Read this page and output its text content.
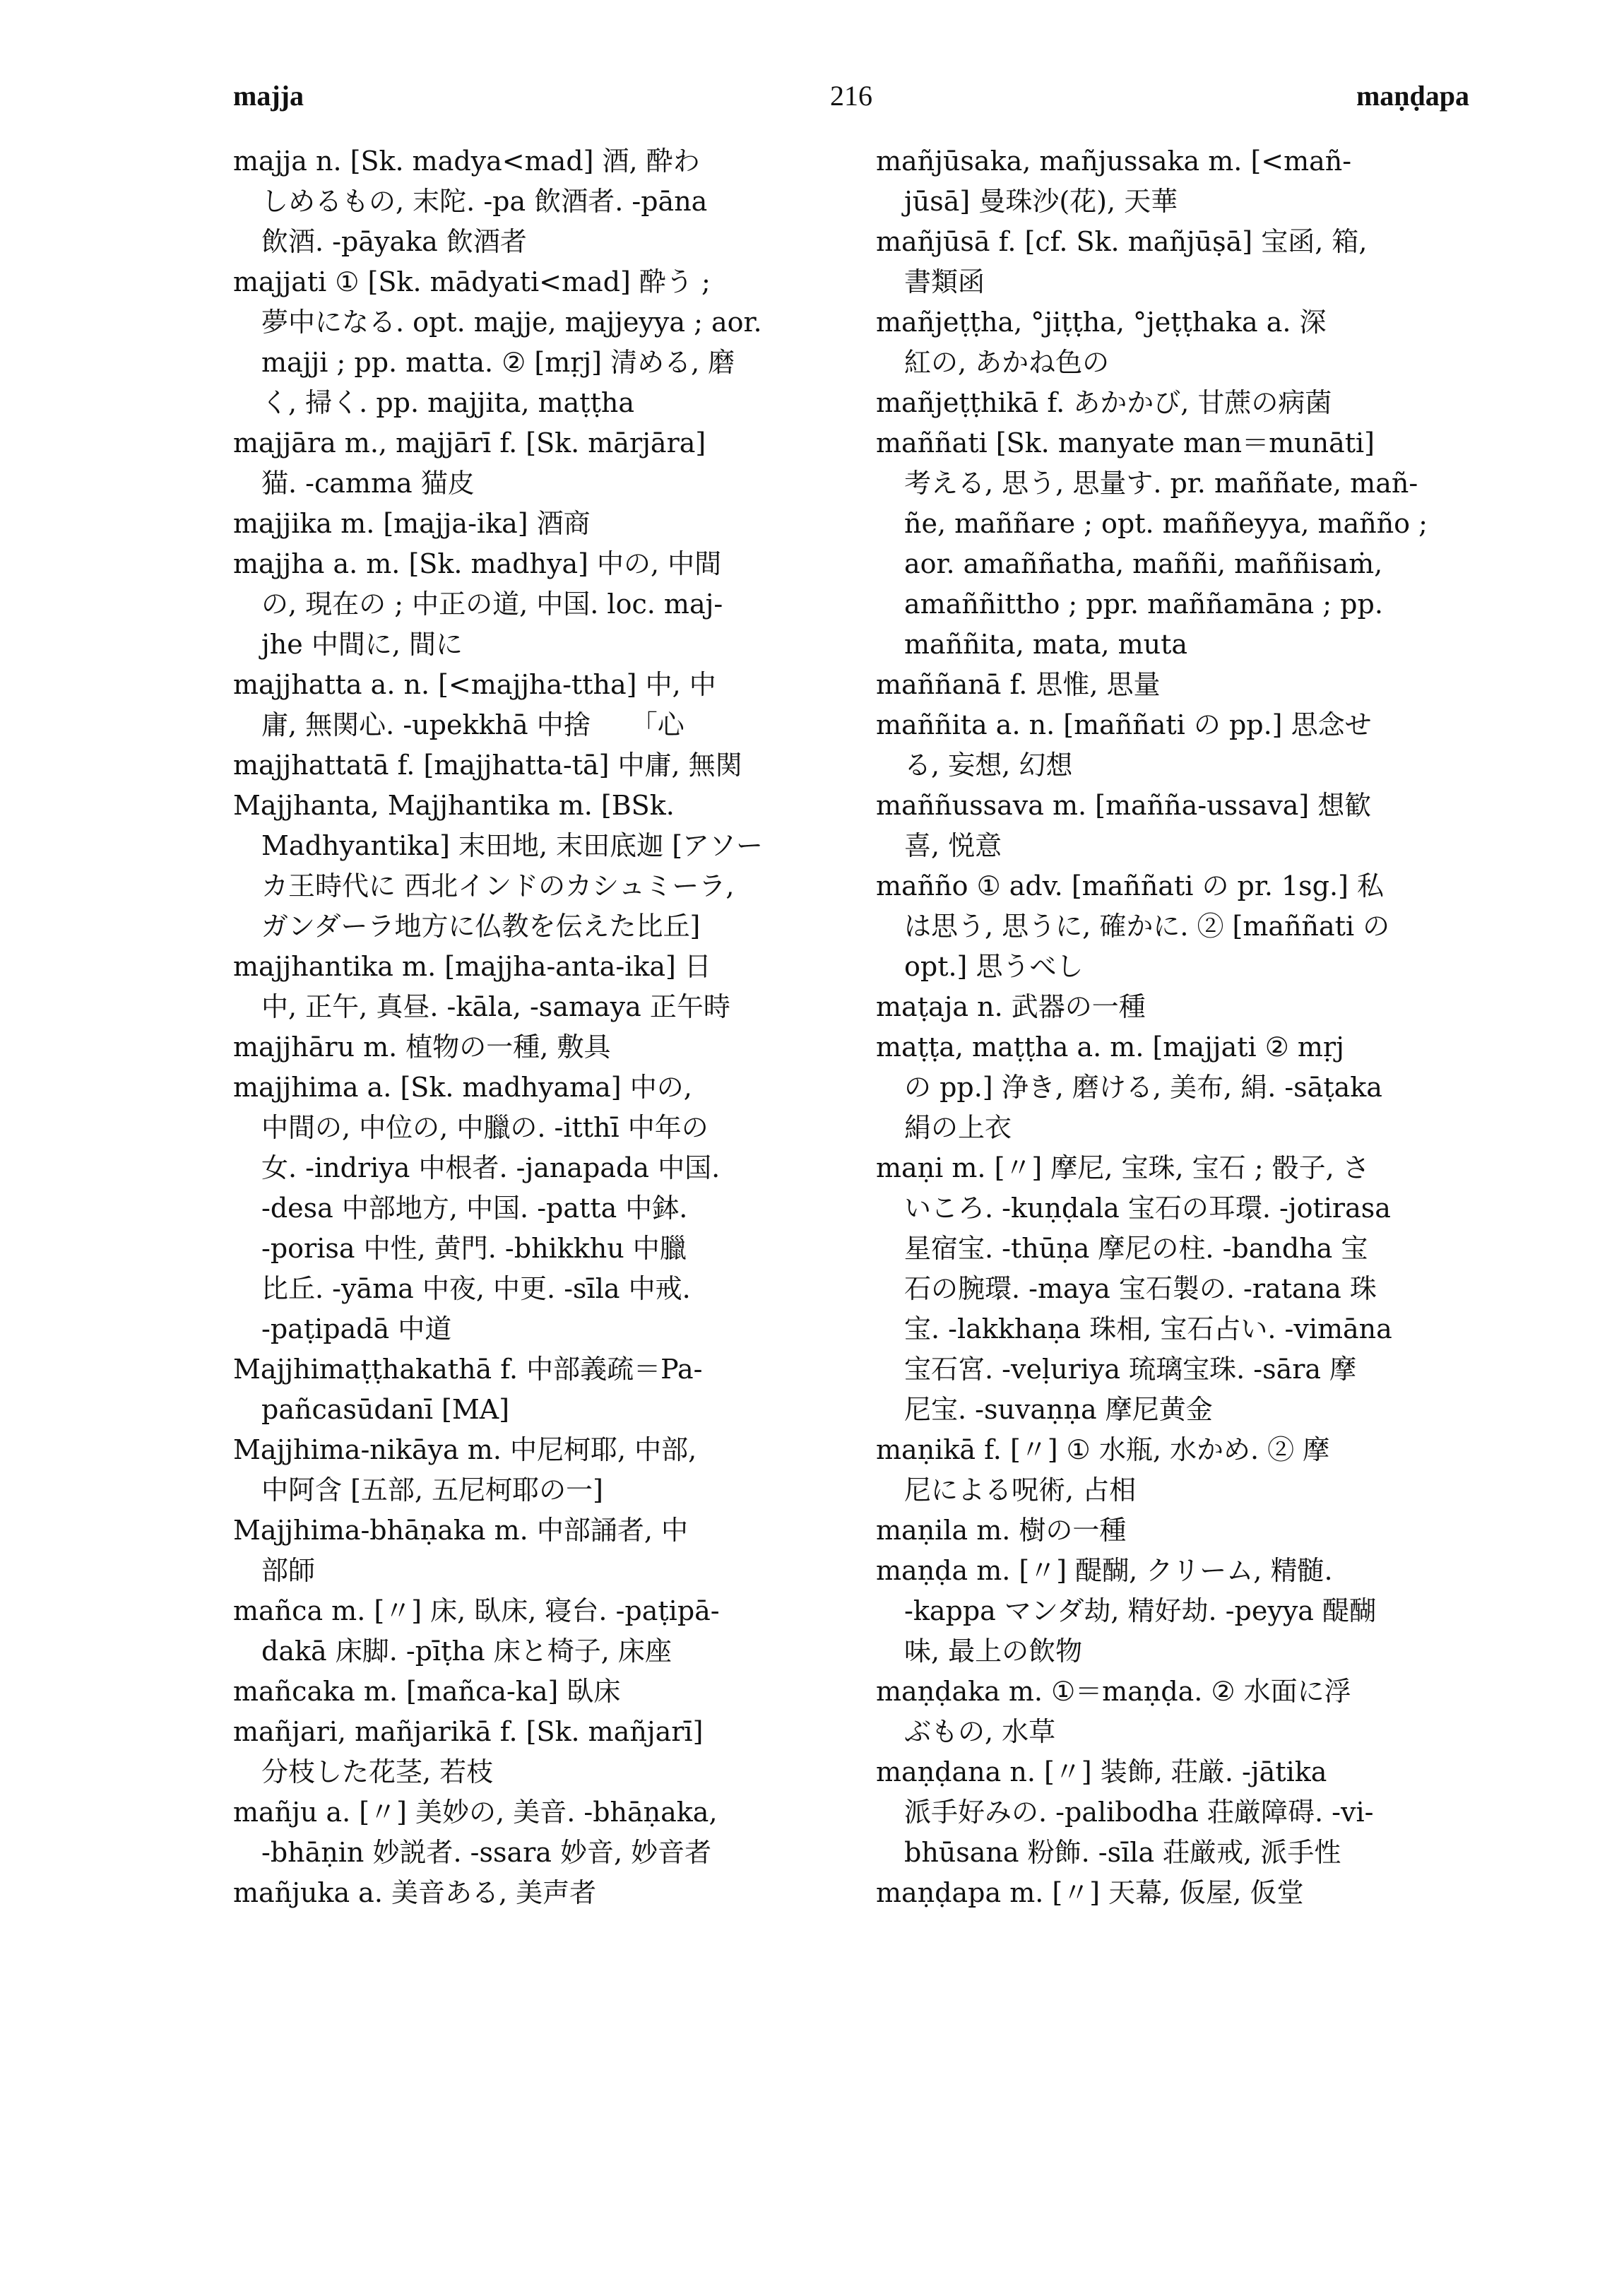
majja	216	maṇḍapa
majja n. [Sk. madya<mad] 酒, 酔わ
しめるもの, 末陀. -pa 飲酒者. -pāna
飲酒. -pāyaka 飲酒者
majjati ① [Sk. mādyati<mad] 酔う ;
夢中になる. opt. majje, majjeyya ; aor.
majji ; pp. matta. ② [mṛj] 清める, 磨
く, 掃く. pp. majjita, maṭṭha
majjāra m., majjārī f. [Sk. mārjāra]
猫. -camma 猫皮
majjika m. [majja-ika] 酒商
majjha a. m. [Sk. madhya] 中の, 中間
の, 現在の ; 中正の道, 中国. loc. maj-
jhe 中間に, 間に
majjhatta a. n. [<majjha-ttha] 中, 中
庸, 無関心. -upekkhā 中捨　　「心
majjhattatā f. [majjhatta-tā] 中庸, 無関
Majjhanta, Majjhantika m. [BSk.
Madhyantika] 末田地, 末田底迦 [アソー
カ王時代に 西北インドのカシュミーラ,
ガンダーラ地方に仏教を伝えた比丘]
majjhantika m. [majjha-anta-ika] 日
中, 正午, 真昼. -kāla, -samaya 正午時
majjhāru m. 植物の一種, 敷具
majjhima a. [Sk. madhyama] 中の,
中間の, 中位の, 中臘の. -itthī 中年の
女. -indriya 中根者. -janapada 中国.
-desa 中部地方, 中国. -patta 中鉢.
-porisa 中性, 黄門. -bhikkhu 中臘
比丘. -yāma 中夜, 中更. -sīla 中戒.
-paṭipadā 中道
Majjhimaṭṭhakathā f. 中部義疏＝Pa-
pañcasūdanī [MA]
Majjhima-nikāya m. 中尼柯耶, 中部,
中阿含 [五部, 五尼柯耶の一]
Majjhima-bhāṇaka m. 中部誦者, 中
部師
mañca m. [〃] 床, 臥床, 寝台. -paṭipā-
dakā 床脚. -pīṭha 床と椅子, 床座
mañcaka m. [mañca-ka] 臥床
mañjari, mañjarikā f. [Sk. mañjarī]
分枝した花茎, 若枝
mañju a. [〃] 美妙の, 美音. -bhāṇaka,
-bhāṇin 妙説者. -ssara 妙音, 妙音者
mañjuka a. 美音ある, 美声者
mañjūsaka, mañjussaka m. [<mañ-
jūsā] 曼珠沙(花), 天華
mañjūsā f. [cf. Sk. mañjūṣā] 宝函, 箱,
書類函
mañjeṭṭha, °jiṭṭha, °jeṭṭhaka a. 深
紅の, あかね色の
mañjeṭṭhikā f. あかかび, 甘蔗の病菌
maññati [Sk. manyate man＝munāti]
考える, 思う, 思量す. pr. maññate, mañ-
ñe, maññare ; opt. maññeyya, mañño ;
aor. amaññatha, maññi, maññisaṁ,
amaññittho ; ppr. maññamāna ; pp.
maññita, mata, muta
maññanā f. 思惟, 思量
maññita a. n. [maññati の pp.] 思念せ
る, 妄想, 幻想
maññussava m. [mañña-ussava] 想歓
喜, 悦意
mañño ① adv. [maññati の pr. 1sg.] 私
は思う, 思うに, 確かに. ② [maññati の
opt.] 思うべし
maṭaja n. 武器の一種
maṭṭa, maṭṭha a. m. [majjati ② mṛj
の pp.] 浄き, 磨ける, 美布, 絹. -sāṭaka
絹の上衣
maṇi m. [〃] 摩尼, 宝珠, 宝石 ; 骰子, さ
いころ. -kuṇḍala 宝石の耳環. -jotirasa
星宿宝. -thūṇa 摩尼の柱. -bandha 宝
石の腕環. -maya 宝石製の. -ratana 珠
宝. -lakkhaṇa 珠相, 宝石占い. -vimāna
宝石宮. -veḷuriya 琉璃宝珠. -sāra 摩
尼宝. -suvaṇṇa 摩尼黄金
maṇikā f. [〃] ① 水瓶, 水かめ. ② 摩
尼による呪術, 占相
maṇila m. 樹の一種
maṇḍa m. [〃] 醍醐, クリーム, 精髄.
-kappa マンダ劫, 精好劫. -peyya 醍醐
味, 最上の飲物
maṇḍaka m. ①＝maṇḍa. ② 水面に浮
ぶもの, 水草
maṇḍana n. [〃] 装飾, 荘厳. -jātika
派手好みの. -palibodha 荘厳障碍. -vi-
bhūsana 粉飾. -sīla 荘厳戒, 派手性
maṇḍapa m. [〃] 天幕, 仮屋, 仮堂
